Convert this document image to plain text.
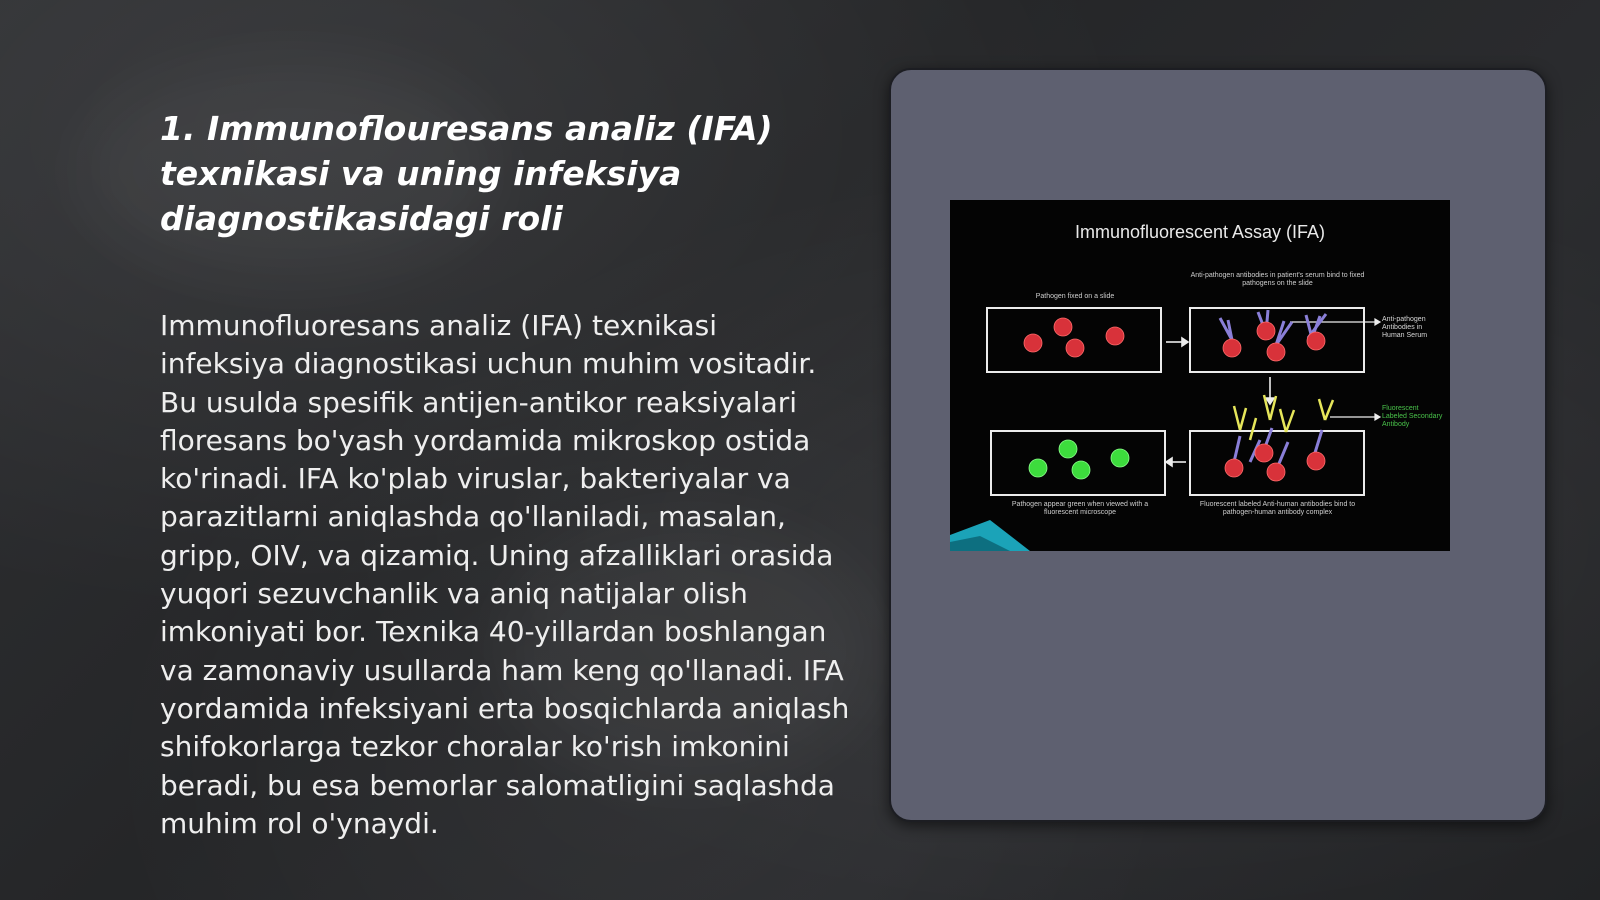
1. Immunoflouresans analiz (IFA) texnikasi va uning infeksiya diagnostikasidagi roli

Immunofluoresans analiz (IFA) texnikasi infeksiya diagnostikasi uchun muhim vositadir. Bu usulda spesifik antijen-antikor reaksiyalari floresans bo'yash yordamida mikroskop ostida ko'rinadi. IFA ko'plab viruslar, bakteriyalar va parazitlarni aniqlashda qo'llaniladi, masalan, gripp, OIV, va qizamiq. Uning afzalliklari orasida yuqori sezuvchanlik va aniq natijalar olish imkoniyati bor. Texnika 40-yillardan boshlangan va zamonaviy usullarda ham keng qo'llanadi. IFA yordamida infeksiyani erta bosqichlarda aniqlash shifokorlarga tezkor choralar ko'rish imkonini beradi, bu esa bemorlar salomatligini saqlashda muhim rol o'ynaydi.

Immunofluorescent Assay (IFA)
Pathogen fixed on a slide
Anti-pathogen antibodies in patient's serum bind to fixed pathogens on the slide
Anti-pathogen Antibodies in Human Serum
Fluorescent Labeled Secondary Antibody
Pathogen appear green when viewed with a fluorescent microscope
Fluorescent labeled Anti-human antibodies bind to pathogen-human antibody complex
